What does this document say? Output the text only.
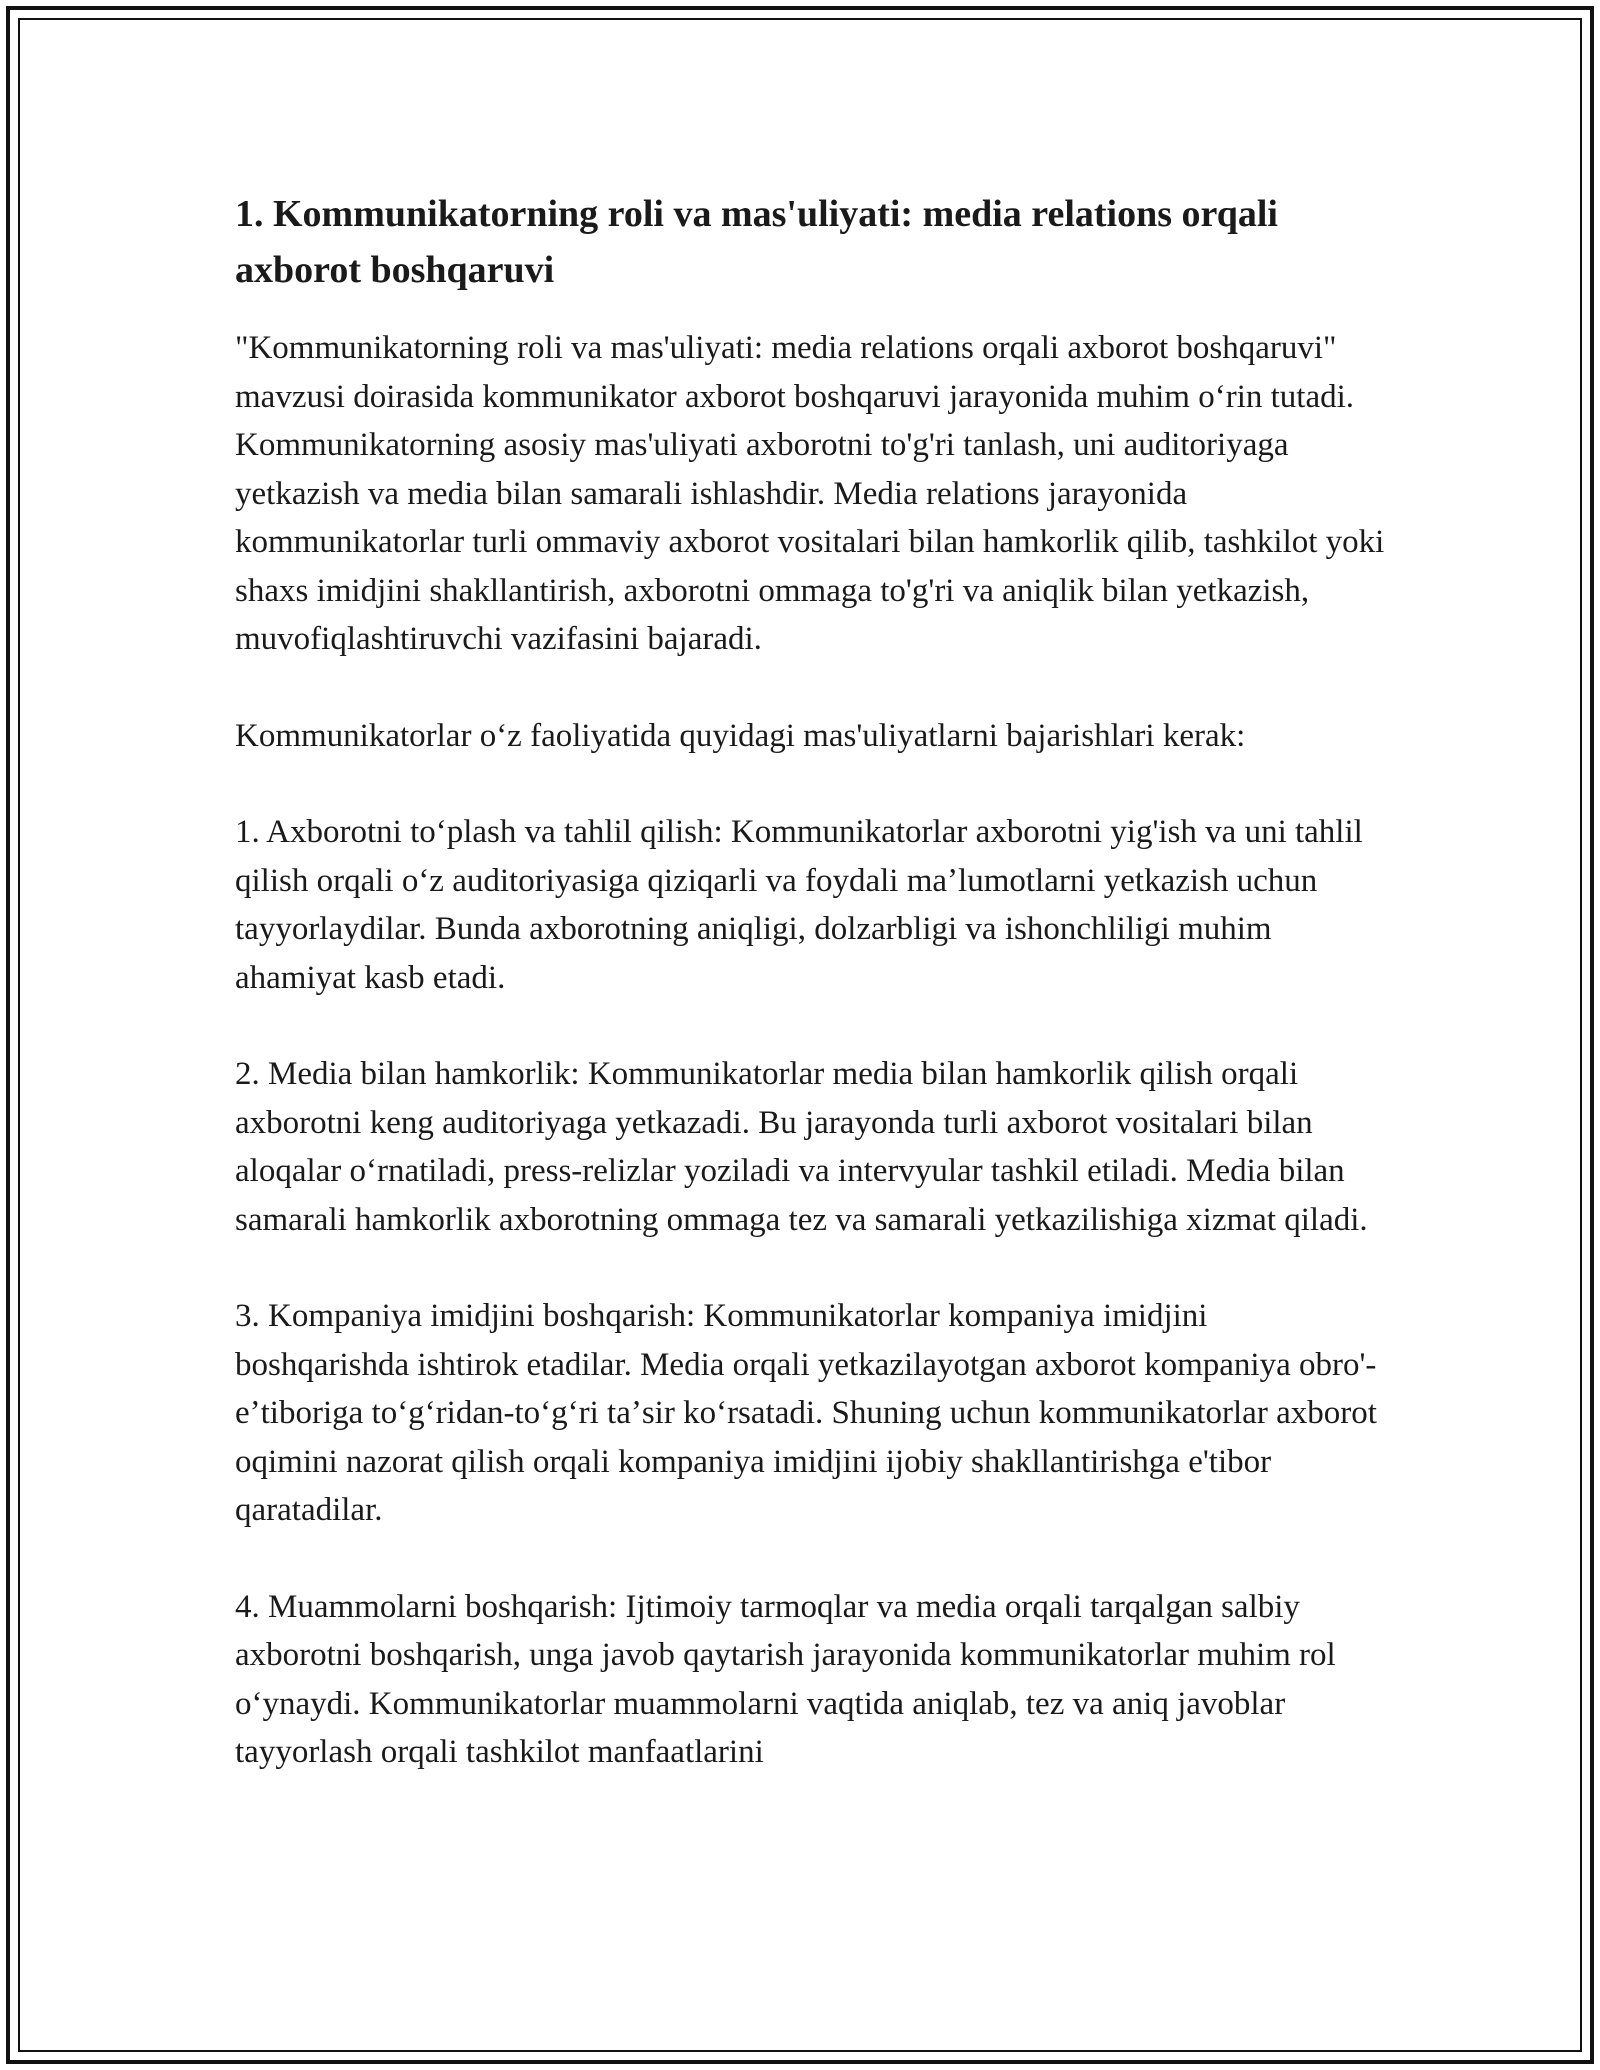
1. Kommunikatorning roli va mas'uliyati: media relations orqali axborot boshqaruvi

"Kommunikatorning roli va mas'uliyati: media relations orqali axborot boshqaruvi" mavzusi doirasida kommunikator axborot boshqaruvi jarayonida muhim oʻrin tutadi. Kommunikatorning asosiy mas'uliyati axborotni to'g'ri tanlash, uni auditoriyaga yetkazish va media bilan samarali ishlashdir. Media relations jarayonida kommunikatorlar turli ommaviy axborot vositalari bilan hamkorlik qilib, tashkilot yoki shaxs imidjini shakllantirish, axborotni ommaga to'g'ri va aniqlik bilan yetkazish, muvofiqlashtiruvchi vazifasini bajaradi.

Kommunikatorlar oʻz faoliyatida quyidagi mas'uliyatlarni bajarishlari kerak:

1. Axborotni toʻplash va tahlil qilish: Kommunikatorlar axborotni yig'ish va uni tahlil qilish orqali oʻz auditoriyasiga qiziqarli va foydali maʼlumotlarni yetkazish uchun tayyorlaydilar. Bunda axborotning aniqligi, dolzarbligi va ishonchliligi muhim ahamiyat kasb etadi.

2. Media bilan hamkorlik: Kommunikatorlar media bilan hamkorlik qilish orqali axborotni keng auditoriyaga yetkazadi. Bu jarayonda turli axborot vositalari bilan aloqalar oʻrnatiladi, press-relizlar yoziladi va intervyular tashkil etiladi. Media bilan samarali hamkorlik axborotning ommaga tez va samarali yetkazilishiga xizmat qiladi.

3. Kompaniya imidjini boshqarish: Kommunikatorlar kompaniya imidjini boshqarishda ishtirok etadilar. Media orqali yetkazilayotgan axborot kompaniya obro'-eʼtiboriga toʻgʻridan-toʻgʻri taʼsir koʻrsatadi. Shuning uchun kommunikatorlar axborot oqimini nazorat qilish orqali kompaniya imidjini ijobiy shakllantirishga e'tibor qaratadilar.

4. Muammolarni boshqarish: Ijtimoiy tarmoqlar va media orqali tarqalgan salbiy axborotni boshqarish, unga javob qaytarish jarayonida kommunikatorlar muhim rol oʻynaydi. Kommunikatorlar muammolarni vaqtida aniqlab, tez va aniq javoblar tayyorlash orqali tashkilot manfaatlarini
